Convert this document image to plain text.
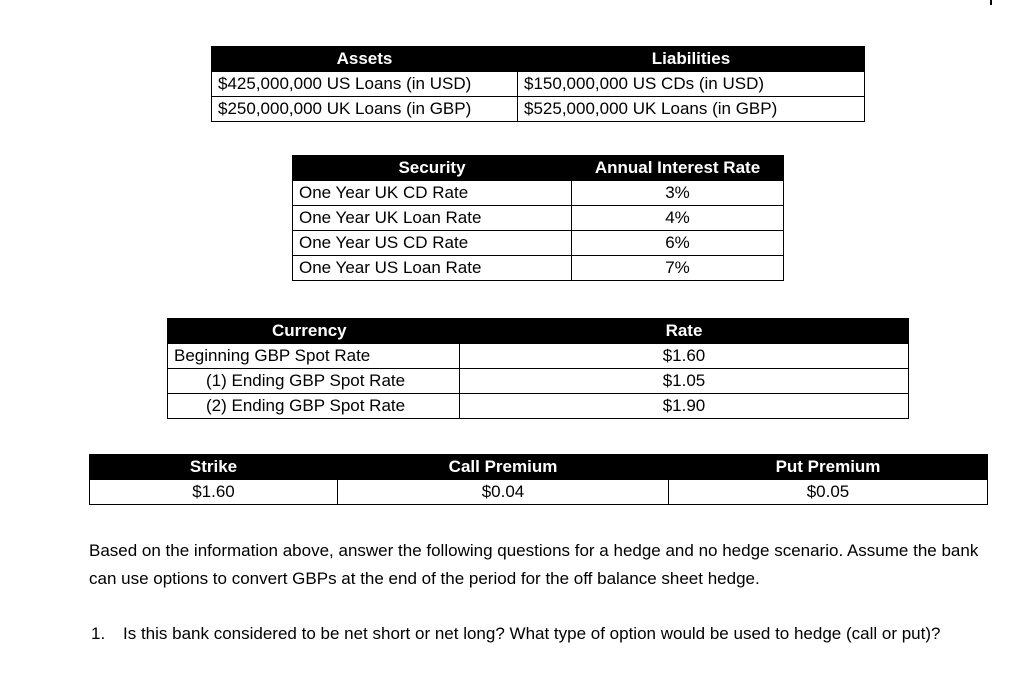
Assets	Liabilities
$425,000,000 US Loans (in USD)	$150,000,000 US CDs (in USD)
$250,000,000 UK Loans (in GBP)	$525,000,000 UK Loans (in GBP)
Security	Annual Interest Rate
One Year UK CD Rate	3%
One Year UK Loan Rate	4%
One Year US CD Rate	6%
One Year US Loan Rate	7%
Currency	Rate
Beginning GBP Spot Rate	$1.60
(1) Ending GBP Spot Rate	$1.05
(2) Ending GBP Spot Rate	$1.90
Strike	Call Premium	Put Premium
$1.60	$0.04	$0.05

Based on the information above, answer the following questions for a hedge and no hedge scenario. Assume the bank can use options to convert GBPs at the end of the period for the off balance sheet hedge.

1. Is this bank considered to be net short or net long? What type of option would be used to hedge (call or put)?
